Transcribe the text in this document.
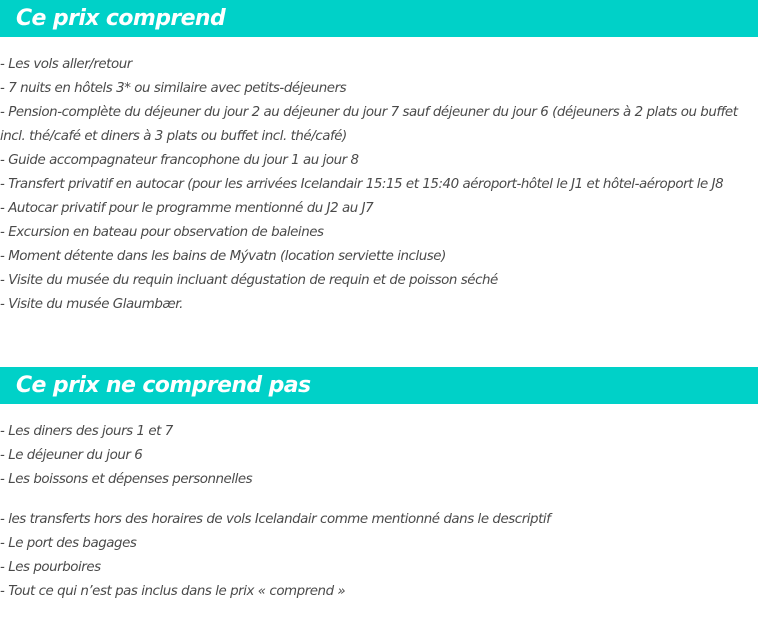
Ce prix comprend
- Les vols aller/retour
- 7 nuits en hôtels 3* ou similaire avec petits-déjeuners
- Pension-complète du déjeuner du jour 2 au déjeuner du jour 7 sauf déjeuner du jour 6 (déjeuners à 2 plats ou buffet incl. thé/café et diners à 3 plats ou buffet incl. thé/café)
- Guide accompagnateur francophone du jour 1 au jour 8
- Transfert privatif en autocar (pour les arrivées Icelandair 15:15 et 15:40 aéroport-hôtel le J1 et hôtel-aéroport le J8
- Autocar privatif pour le programme mentionné du J2 au J7
- Excursion en bateau pour observation de baleines
- Moment détente dans les bains de Mývatn (location serviette incluse)
- Visite du musée du requin incluant dégustation de requin et de poisson séché
- Visite du musée Glaumbær.
Ce prix ne comprend pas
- Les diners des jours 1 et 7
- Le déjeuner du jour 6
- Les boissons et dépenses personnelles
- les transferts hors des horaires de vols Icelandair comme mentionné dans le descriptif
- Le port des bagages
- Les pourboires
- Tout ce qui n’est pas inclus dans le prix « comprend »
